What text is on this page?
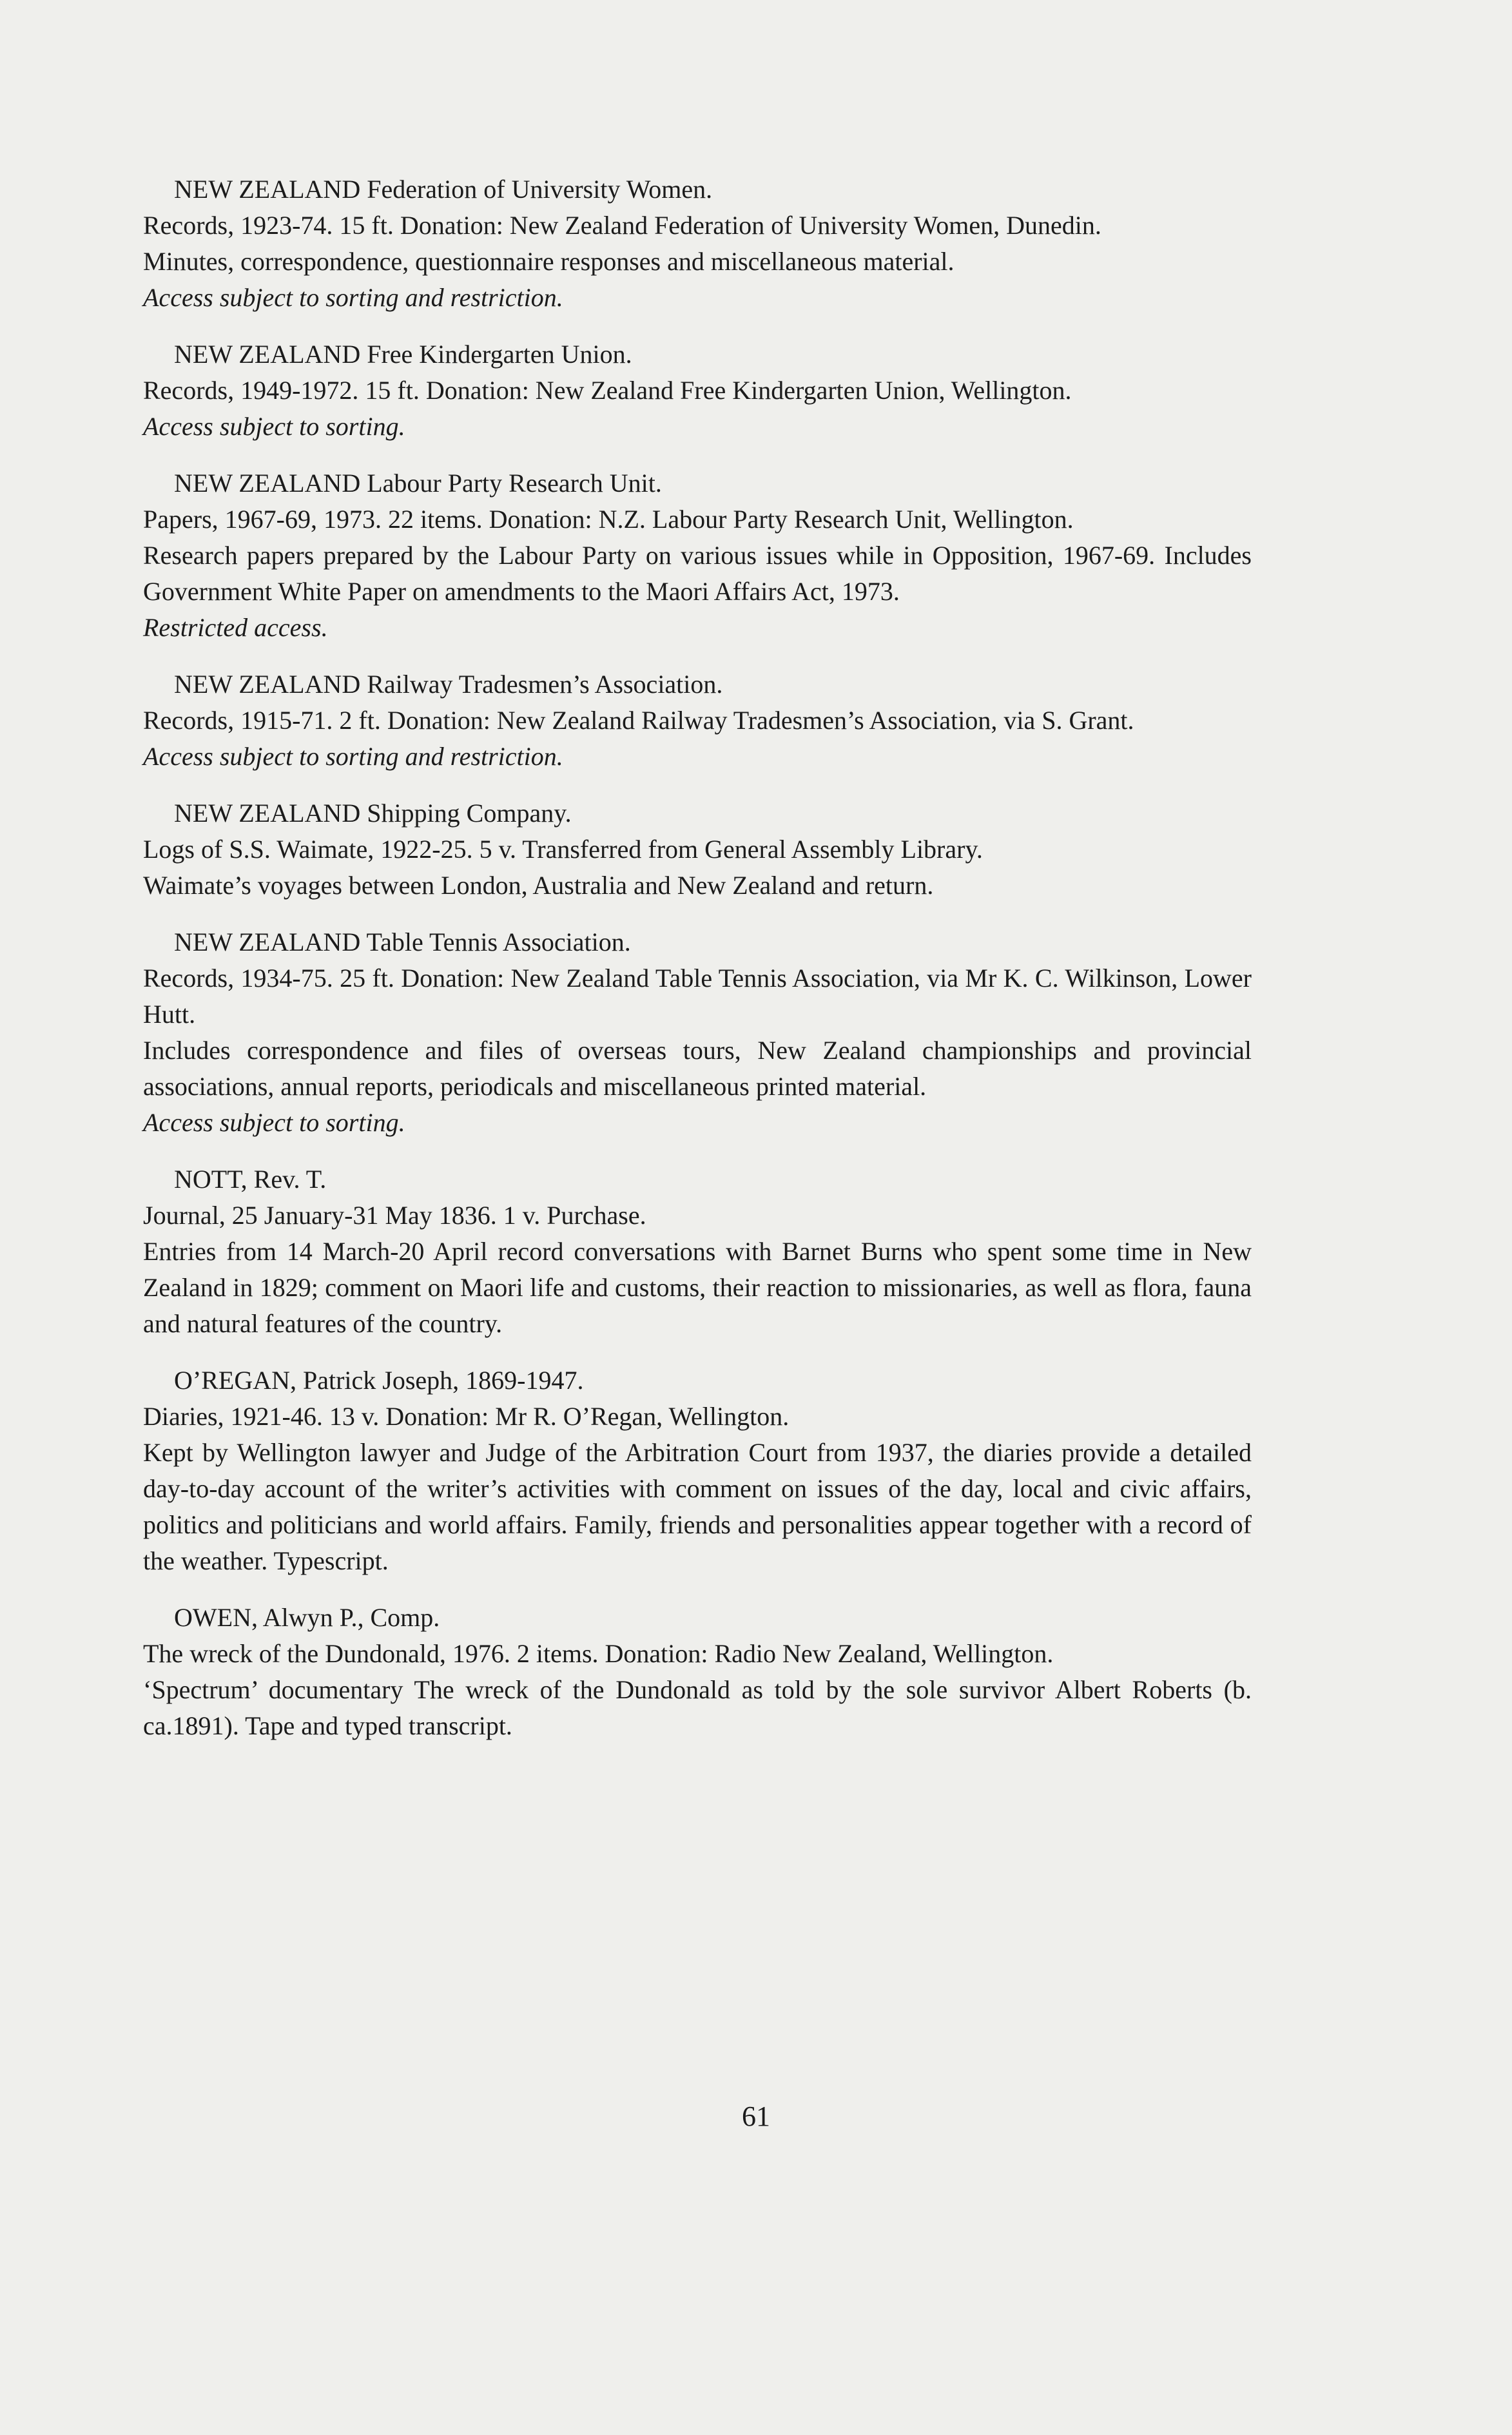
NEW ZEALAND Federation of University Women.

Records, 1923-74. 15 ft. Donation: New Zealand Federation of University Women, Dunedin.

Minutes, correspondence, questionnaire responses and miscellaneous material.

Access subject to sorting and restriction.

NEW ZEALAND Free Kindergarten Union.

Records, 1949-1972. 15 ft. Donation: New Zealand Free Kindergarten Union, Wellington.

Access subject to sorting.

NEW ZEALAND Labour Party Research Unit.

Papers, 1967-69, 1973. 22 items. Donation: N.Z. Labour Party Research Unit, Wellington.

Research papers prepared by the Labour Party on various issues while in Opposition, 1967-69. Includes Government White Paper on amendments to the Maori Affairs Act, 1973.

Restricted access.

NEW ZEALAND Railway Tradesmen’s Association.

Records, 1915-71. 2 ft. Donation: New Zealand Railway Tradesmen’s Association, via S. Grant.

Access subject to sorting and restriction.

NEW ZEALAND Shipping Company.

Logs of S.S. Waimate, 1922-25. 5 v. Transferred from General Assembly Library.

Waimate’s voyages between London, Australia and New Zealand and return.

NEW ZEALAND Table Tennis Association.

Records, 1934-75. 25 ft. Donation: New Zealand Table Tennis Association, via Mr K. C. Wilkinson, Lower Hutt.

Includes correspondence and files of overseas tours, New Zealand championships and provincial associations, annual reports, periodicals and miscellaneous printed material.

Access subject to sorting.

NOTT, Rev. T.

Journal, 25 January-31 May 1836. 1 v. Purchase.

Entries from 14 March-20 April record conversations with Barnet Burns who spent some time in New Zealand in 1829; comment on Maori life and customs, their reaction to missionaries, as well as flora, fauna and natural features of the country.

O’REGAN, Patrick Joseph, 1869-1947.

Diaries, 1921-46. 13 v. Donation: Mr R. O’Regan, Wellington.

Kept by Wellington lawyer and Judge of the Arbitration Court from 1937, the diaries provide a detailed day-to-day account of the writer’s activities with comment on issues of the day, local and civic affairs, politics and politicians and world affairs. Family, friends and personalities appear together with a record of the weather. Typescript.

OWEN, Alwyn P., Comp.

The wreck of the Dundonald, 1976. 2 items. Donation: Radio New Zealand, Wellington.

‘Spectrum’ documentary The wreck of the Dundonald as told by the sole survivor Albert Roberts (b. ca.1891). Tape and typed transcript.

61
